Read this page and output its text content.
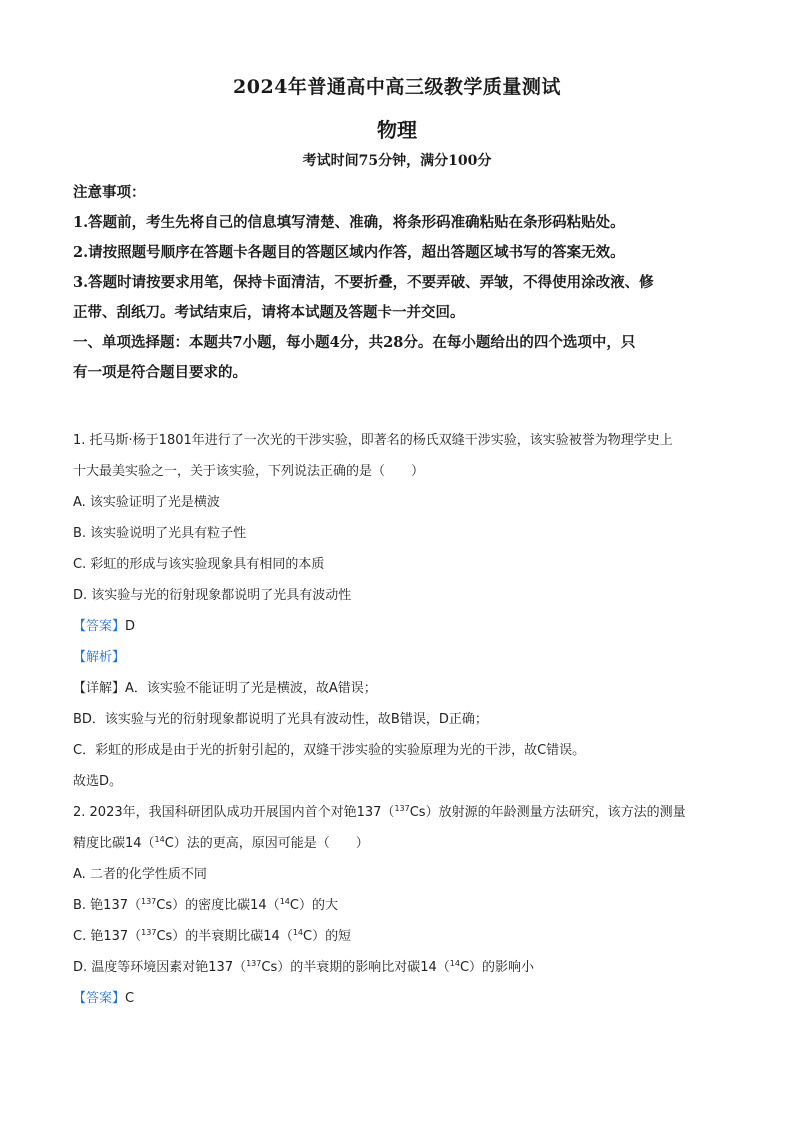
2024年普通高中高三级教学质量测试
物理
考试时间75分钟，满分100分
注意事项：
1.答题前，考生先将自己的信息填写清楚、准确，将条形码准确粘贴在条形码粘贴处。
2.请按照题号顺序在答题卡各题目的答题区域内作答，超出答题区域书写的答案无效。
3.答题时请按要求用笔，保持卡面清洁，不要折叠，不要弄破、弄皱，不得使用涂改液、修
正带、刮纸刀。考试结束后，请将本试题及答题卡一并交回。
一、单项选择题：本题共7小题，每小题4分，共28分。在每小题给出的四个选项中，只
有一项是符合题目要求的。
1. 托马斯·杨于1801年进行了一次光的干涉实验，即著名的杨氏双缝干涉实验，该实验被誉为物理学史上
十大最美实验之一，关于该实验，下列说法正确的是（　　）
A. 该实验证明了光是横波
B. 该实验说明了光具有粒子性
C. 彩虹的形成与该实验现象具有相同的本质
D. 该实验与光的衍射现象都说明了光具有波动性
【答案】D
【解析】
【详解】A．该实验不能证明了光是横波，故A错误；
BD．该实验与光的衍射现象都说明了光具有波动性，故B错误，D正确；
C．彩虹的形成是由于光的折射引起的，双缝干涉实验的实验原理为光的干涉，故C错误。
故选D。
2. 2023年，我国科研团队成功开展国内首个对铯137（$^{137}$Cs）放射源的年龄测量方法研究，该方法的测量
精度比碳14（$^{14}$C）法的更高，原因可能是（　　）
A. 二者的化学性质不同
B. 铯137（$^{137}$Cs）的密度比碳14（$^{14}$C）的大
C. 铯137（$^{137}$Cs）的半衰期比碳14（$^{14}$C）的短
D. 温度等环境因素对铯137（$^{137}$Cs）的半衰期的影响比对碳14（$^{14}$C）的影响小
【答案】C
